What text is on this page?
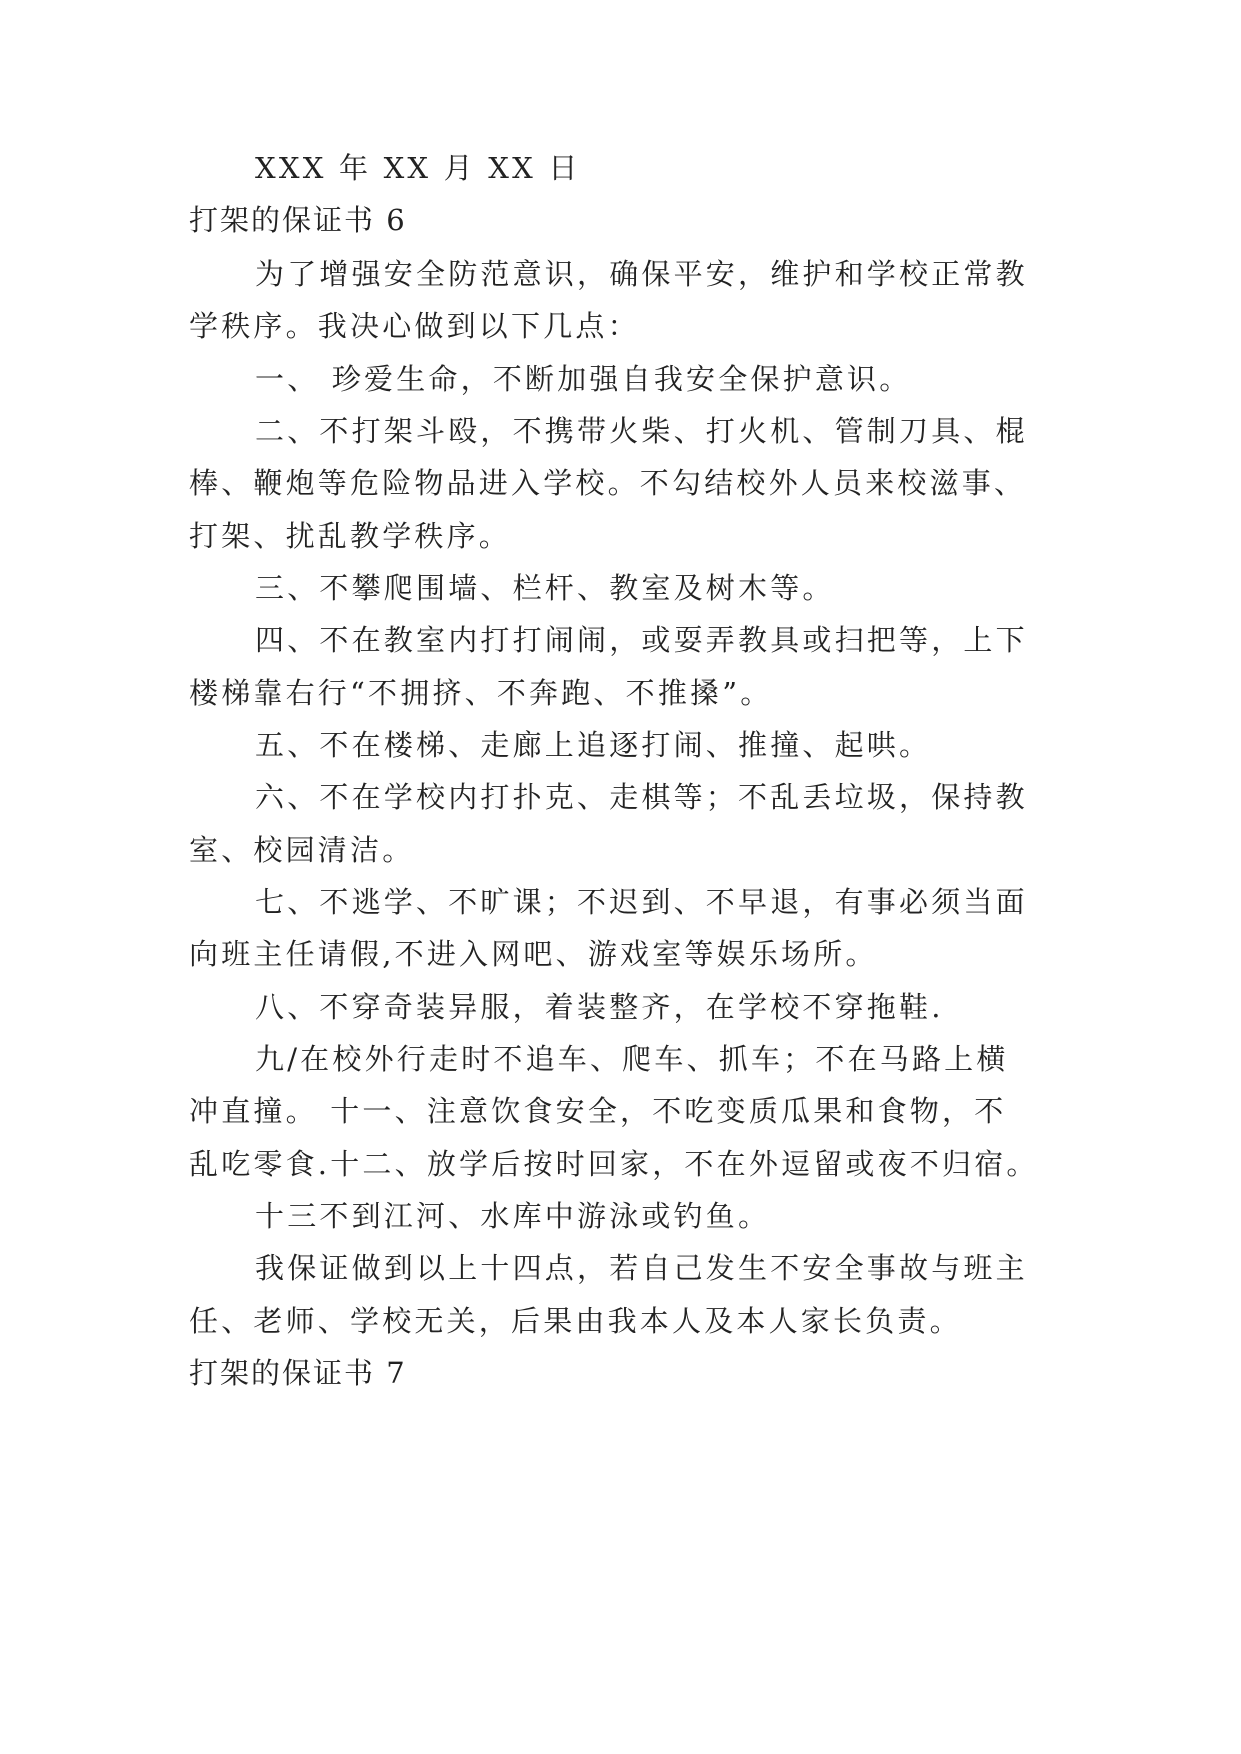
XXX 年 XX 月 XX 日
打架的保证书 6
为了增强安全防范意识，确保平安，维护和学校正常教
学秩序。我决心做到以下几点：
一、 珍爱生命，不断加强自我安全保护意识。
二、不打架斗殴，不携带火柴、打火机、管制刀具、棍
棒、鞭炮等危险物品进入学校。不勾结校外人员来校滋事、
打架、扰乱教学秩序。
三、不攀爬围墙、栏杆、教室及树木等。
四、不在教室内打打闹闹，或耍弄教具或扫把等，上下
楼梯靠右行“不拥挤、不奔跑、不推搡”。
五、不在楼梯、走廊上追逐打闹、推撞、起哄。
六、不在学校内打扑克、走棋等；不乱丢垃圾，保持教
室、校园清洁。
七、不逃学、不旷课；不迟到、不早退，有事必须当面
向班主任请假,不进入网吧、游戏室等娱乐场所。
八、不穿奇装异服，着装整齐，在学校不穿拖鞋.
九/在校外行走时不追车、爬车、抓车；不在马路上横
冲直撞。 十一、注意饮食安全，不吃变质瓜果和食物，不
乱吃零食.十二、放学后按时回家，不在外逗留或夜不归宿。
十三不到江河、水库中游泳或钓鱼。
我保证做到以上十四点，若自己发生不安全事故与班主
任、老师、学校无关，后果由我本人及本人家长负责。
打架的保证书 7
